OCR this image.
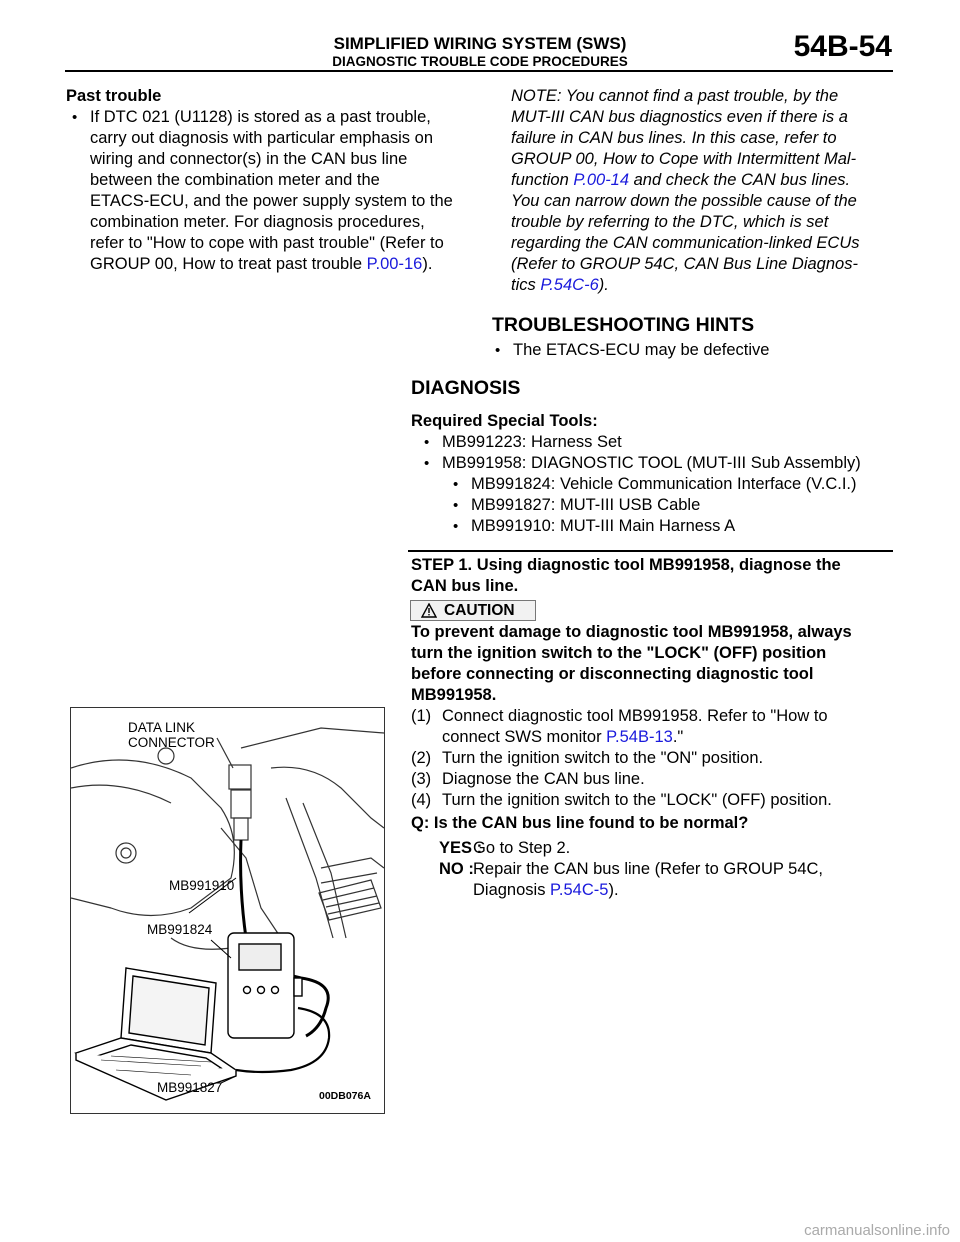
SIMPLIFIED WIRING SYSTEM (SWS)
DIAGNOSTIC TROUBLE CODE PROCEDURES	54B-54
Past trouble
• If DTC 021 (U1128) is stored as a past trouble,
carry out diagnosis with particular emphasis on
wiring and connector(s) in the CAN bus line
between the combination meter and the
ETACS-ECU, and the power supply system to the
combination meter. For diagnosis procedures,
refer to "How to cope with past trouble" (Refer to
GROUP 00, How to treat past trouble P.00-16).
NOTE: You cannot find a past trouble, by the
MUT-III CAN bus diagnostics even if there is a
failure in CAN bus lines. In this case, refer to
GROUP 00, How to Cope with Intermittent Mal-
function P.00-14 and check the CAN bus lines.
You can narrow down the possible cause of the
trouble by referring to the DTC, which is set
regarding the CAN communication-linked ECUs
(Refer to GROUP 54C, CAN Bus Line Diagnos-
tics P.54C-6).
TROUBLESHOOTING HINTS
• The ETACS-ECU may be defective
DIAGNOSIS
Required Special Tools:
• MB991223: Harness Set
• MB991958: DIAGNOSTIC TOOL (MUT-III Sub Assembly)
• MB991824: Vehicle Communication Interface (V.C.I.)
• MB991827: MUT-III USB Cable
• MB991910: MUT-III Main Harness A
STEP 1. Using diagnostic tool MB991958, diagnose the
CAN bus line.
CAUTION
To prevent damage to diagnostic tool MB991958, always
turn the ignition switch to the "LOCK" (OFF) position
before connecting or disconnecting diagnostic tool
MB991958.
(1) Connect diagnostic tool MB991958. Refer to "How to
connect SWS monitor P.54B-13."
(2) Turn the ignition switch to the "ON" position.
(3) Diagnose the CAN bus line.
(4) Turn the ignition switch to the "LOCK" (OFF) position.
Q: Is the CAN bus line found to be normal?
YES :
Go to Step 2.
NO : Repair the CAN bus line (Refer to GROUP 54C,
Diagnosis P.54C-5).
DATA LINK
CONNECTOR
MB991910
MB991824
MB991827
00DB076A
carmanualsonline.info
